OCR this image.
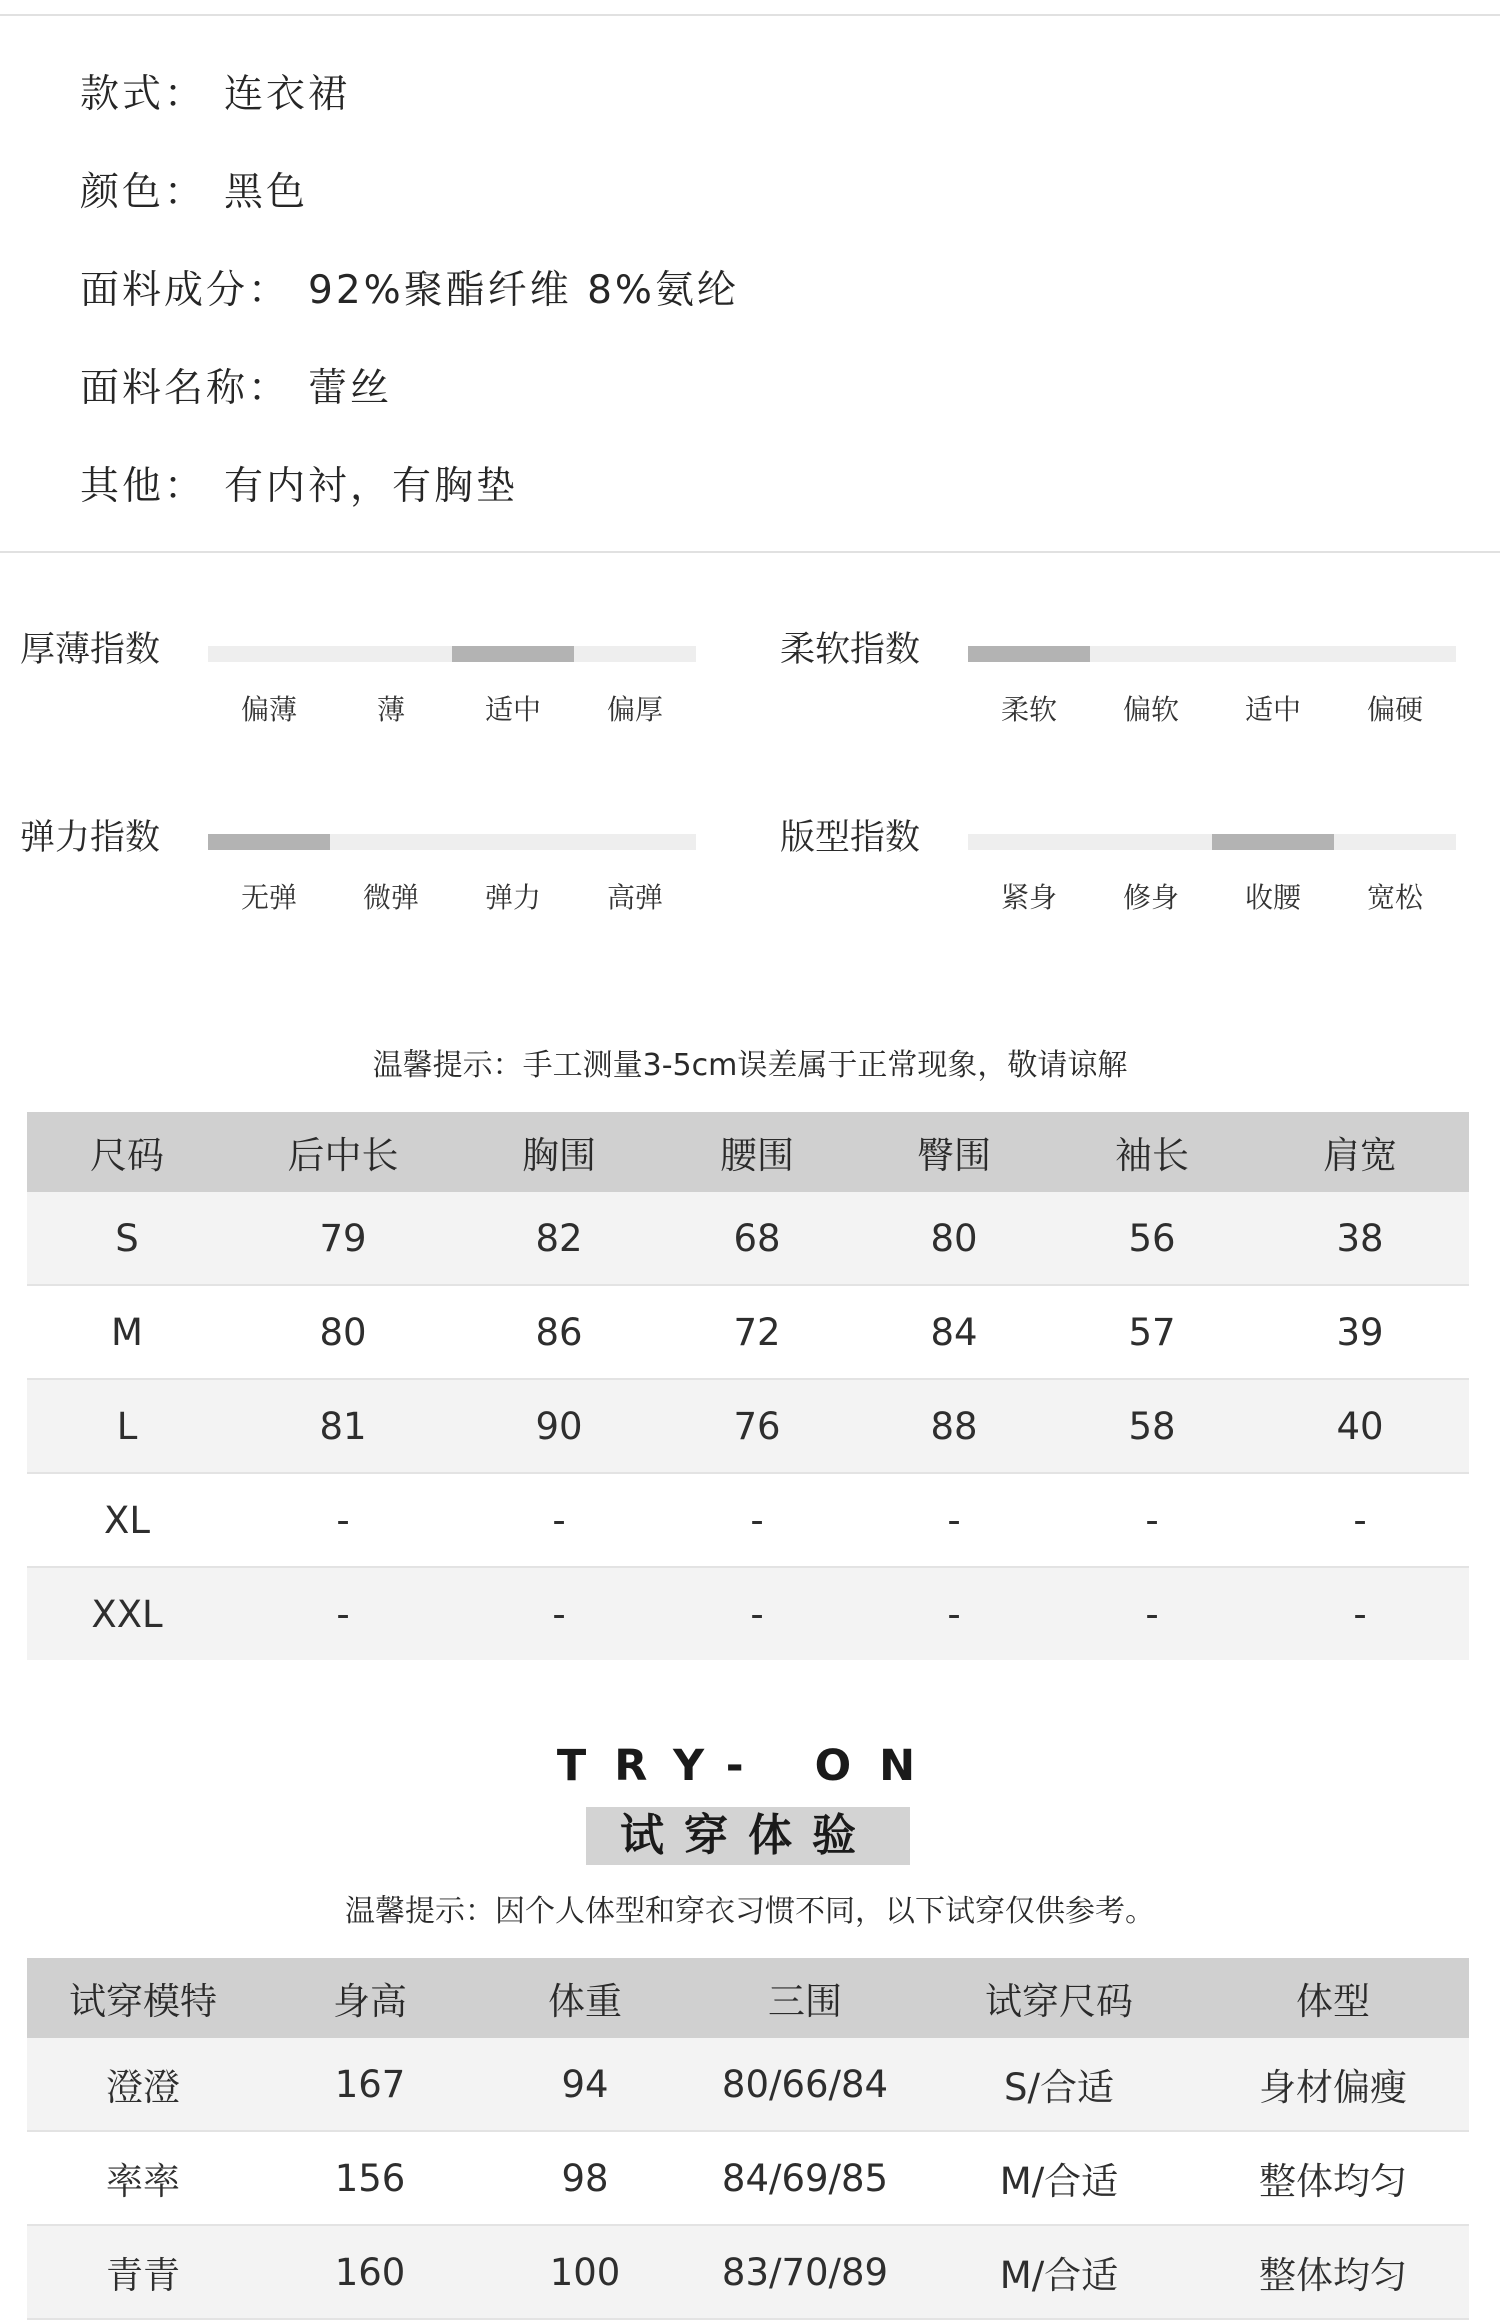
款式： 连衣裙
颜色： 黑色
面料成分： 92%聚酯纤维 8%氨纶
面料名称： 蕾丝
其他： 有内衬，有胸垫
厚薄指数
偏薄	薄	适中 偏厚
柔软指数
柔软 偏软 适中 偏硬
弹力指数
无弹 微弹 弹力 高弹
版型指数
紧身 修身 收腰 宽松
温馨提示：手工测量3-5cm误差属于正常现象，敬请谅解
尺码	后中长	胸围	腰围	臀围	袖长	肩宽
S	79	82	68	80	56	38
M	80	86	72	84	57	39
L	81	90	76	88	58	40
XL	-	-	-	-	-	-
XXL	-	-	-	-	-	-
TRY- ON
试穿体验
温馨提示：因个人体型和穿衣习惯不同，以下试穿仅供参考。
试穿模特	身高	体重	三围	试穿尺码	体型
澄澄	167	94	80/66/84	S/合适	身材偏瘦
率率	156	98	84/69/85	M/合适	整体均匀
青青	160	100	83/70/89	M/合适	整体均匀
